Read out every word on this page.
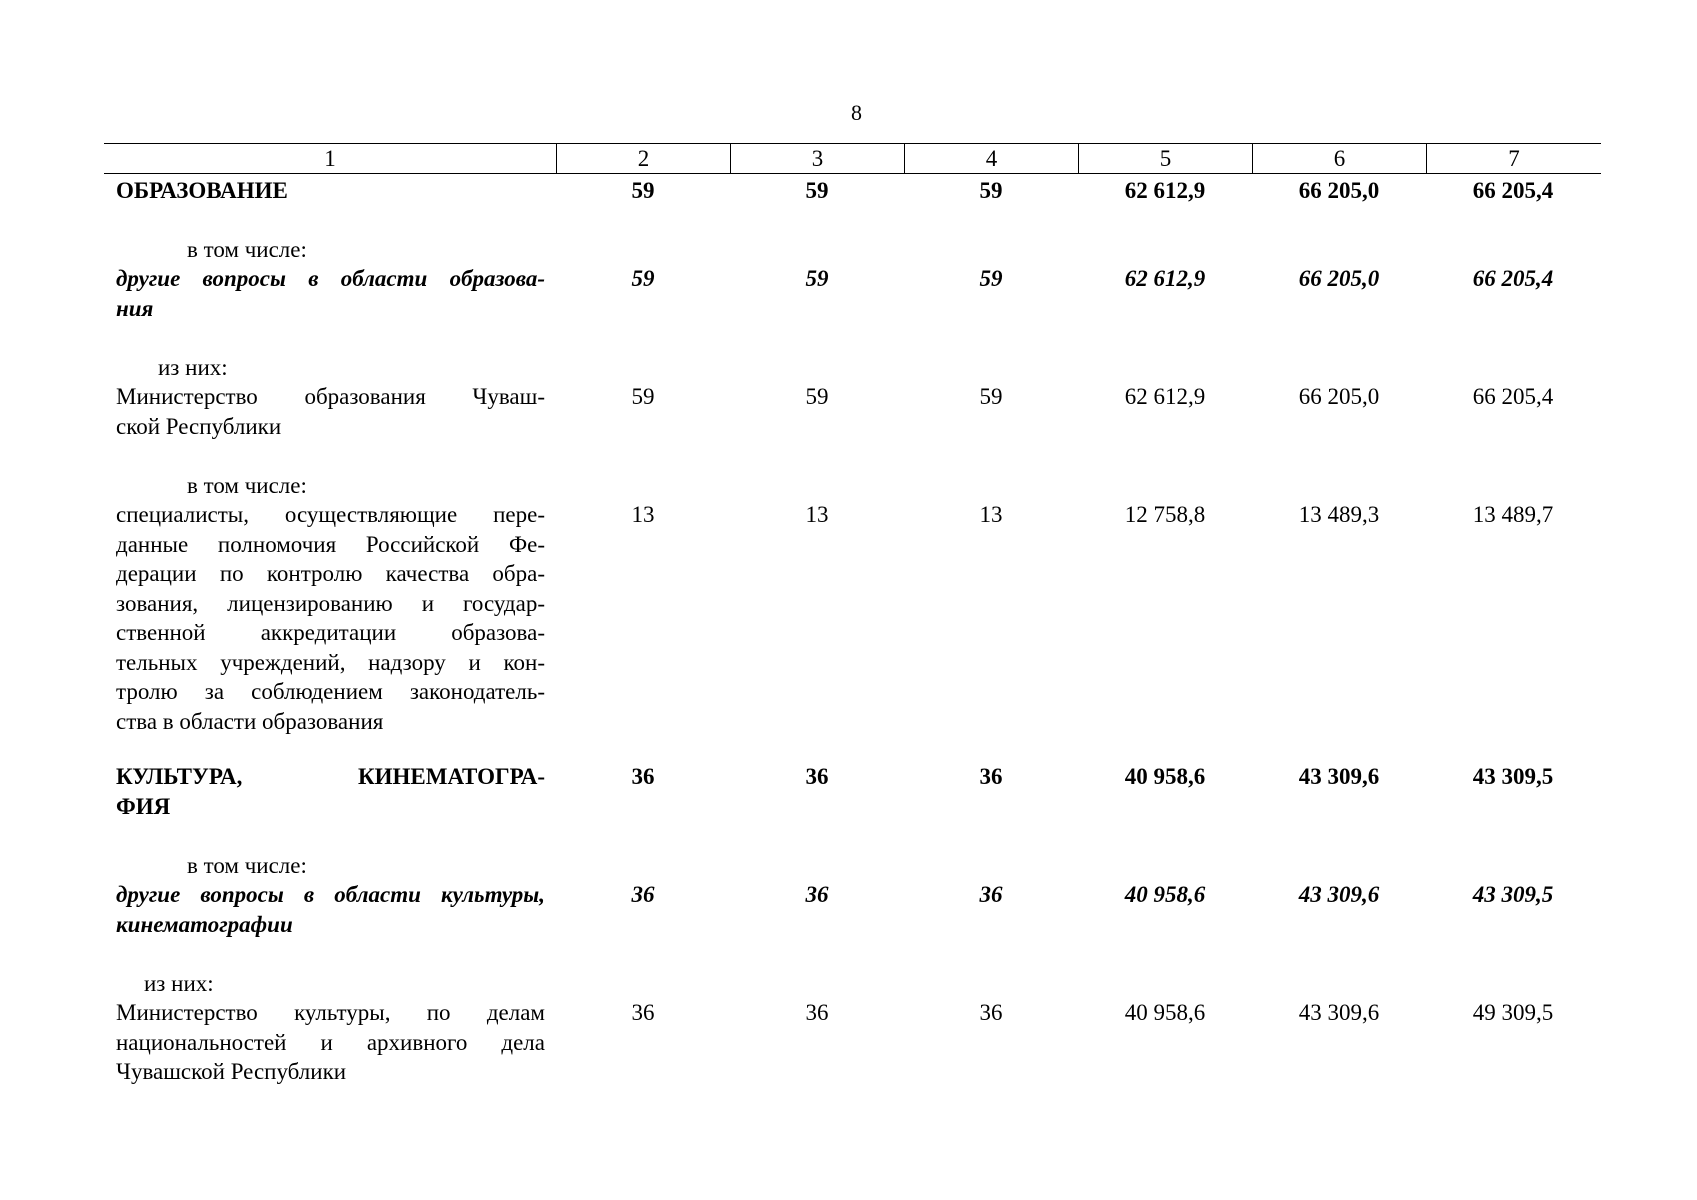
8
1	2	3	4	5	6	7
ОБРАЗОВАНИЕ	59	59	59	62 612,9	66 205,0	66 205,4
в том числе:
другие вопросы в области образова-
ния
59	59	59	62 612,9	66 205,0	66 205,4
из них:
Министерство образования Чуваш-
ской Республики
59	59	59	62 612,9	66 205,0	66 205,4
в том числе:
специалисты, осуществляющие пере-
данные полномочия Российской Фе-
дерации по контролю качества обра-
зования, лицензированию и государ-
ственной аккредитации образова-
тельных учреждений, надзору и кон-
тролю за соблюдением законодатель-
ства в области образования
13	13	13	12 758,8	13 489,3	13 489,7
КУЛЬТУРА, КИНЕМАТОГРА-
ФИЯ
36	36	36	40 958,6	43 309,6	43 309,5
в том числе:
другие вопросы в области культуры,
кинематографии
36	36	36	40 958,6	43 309,6	43 309,5
из них:
Министерство культуры, по делам
национальностей и архивного дела
Чувашской Республики
36	36	36	40 958,6	43 309,6	49 309,5
